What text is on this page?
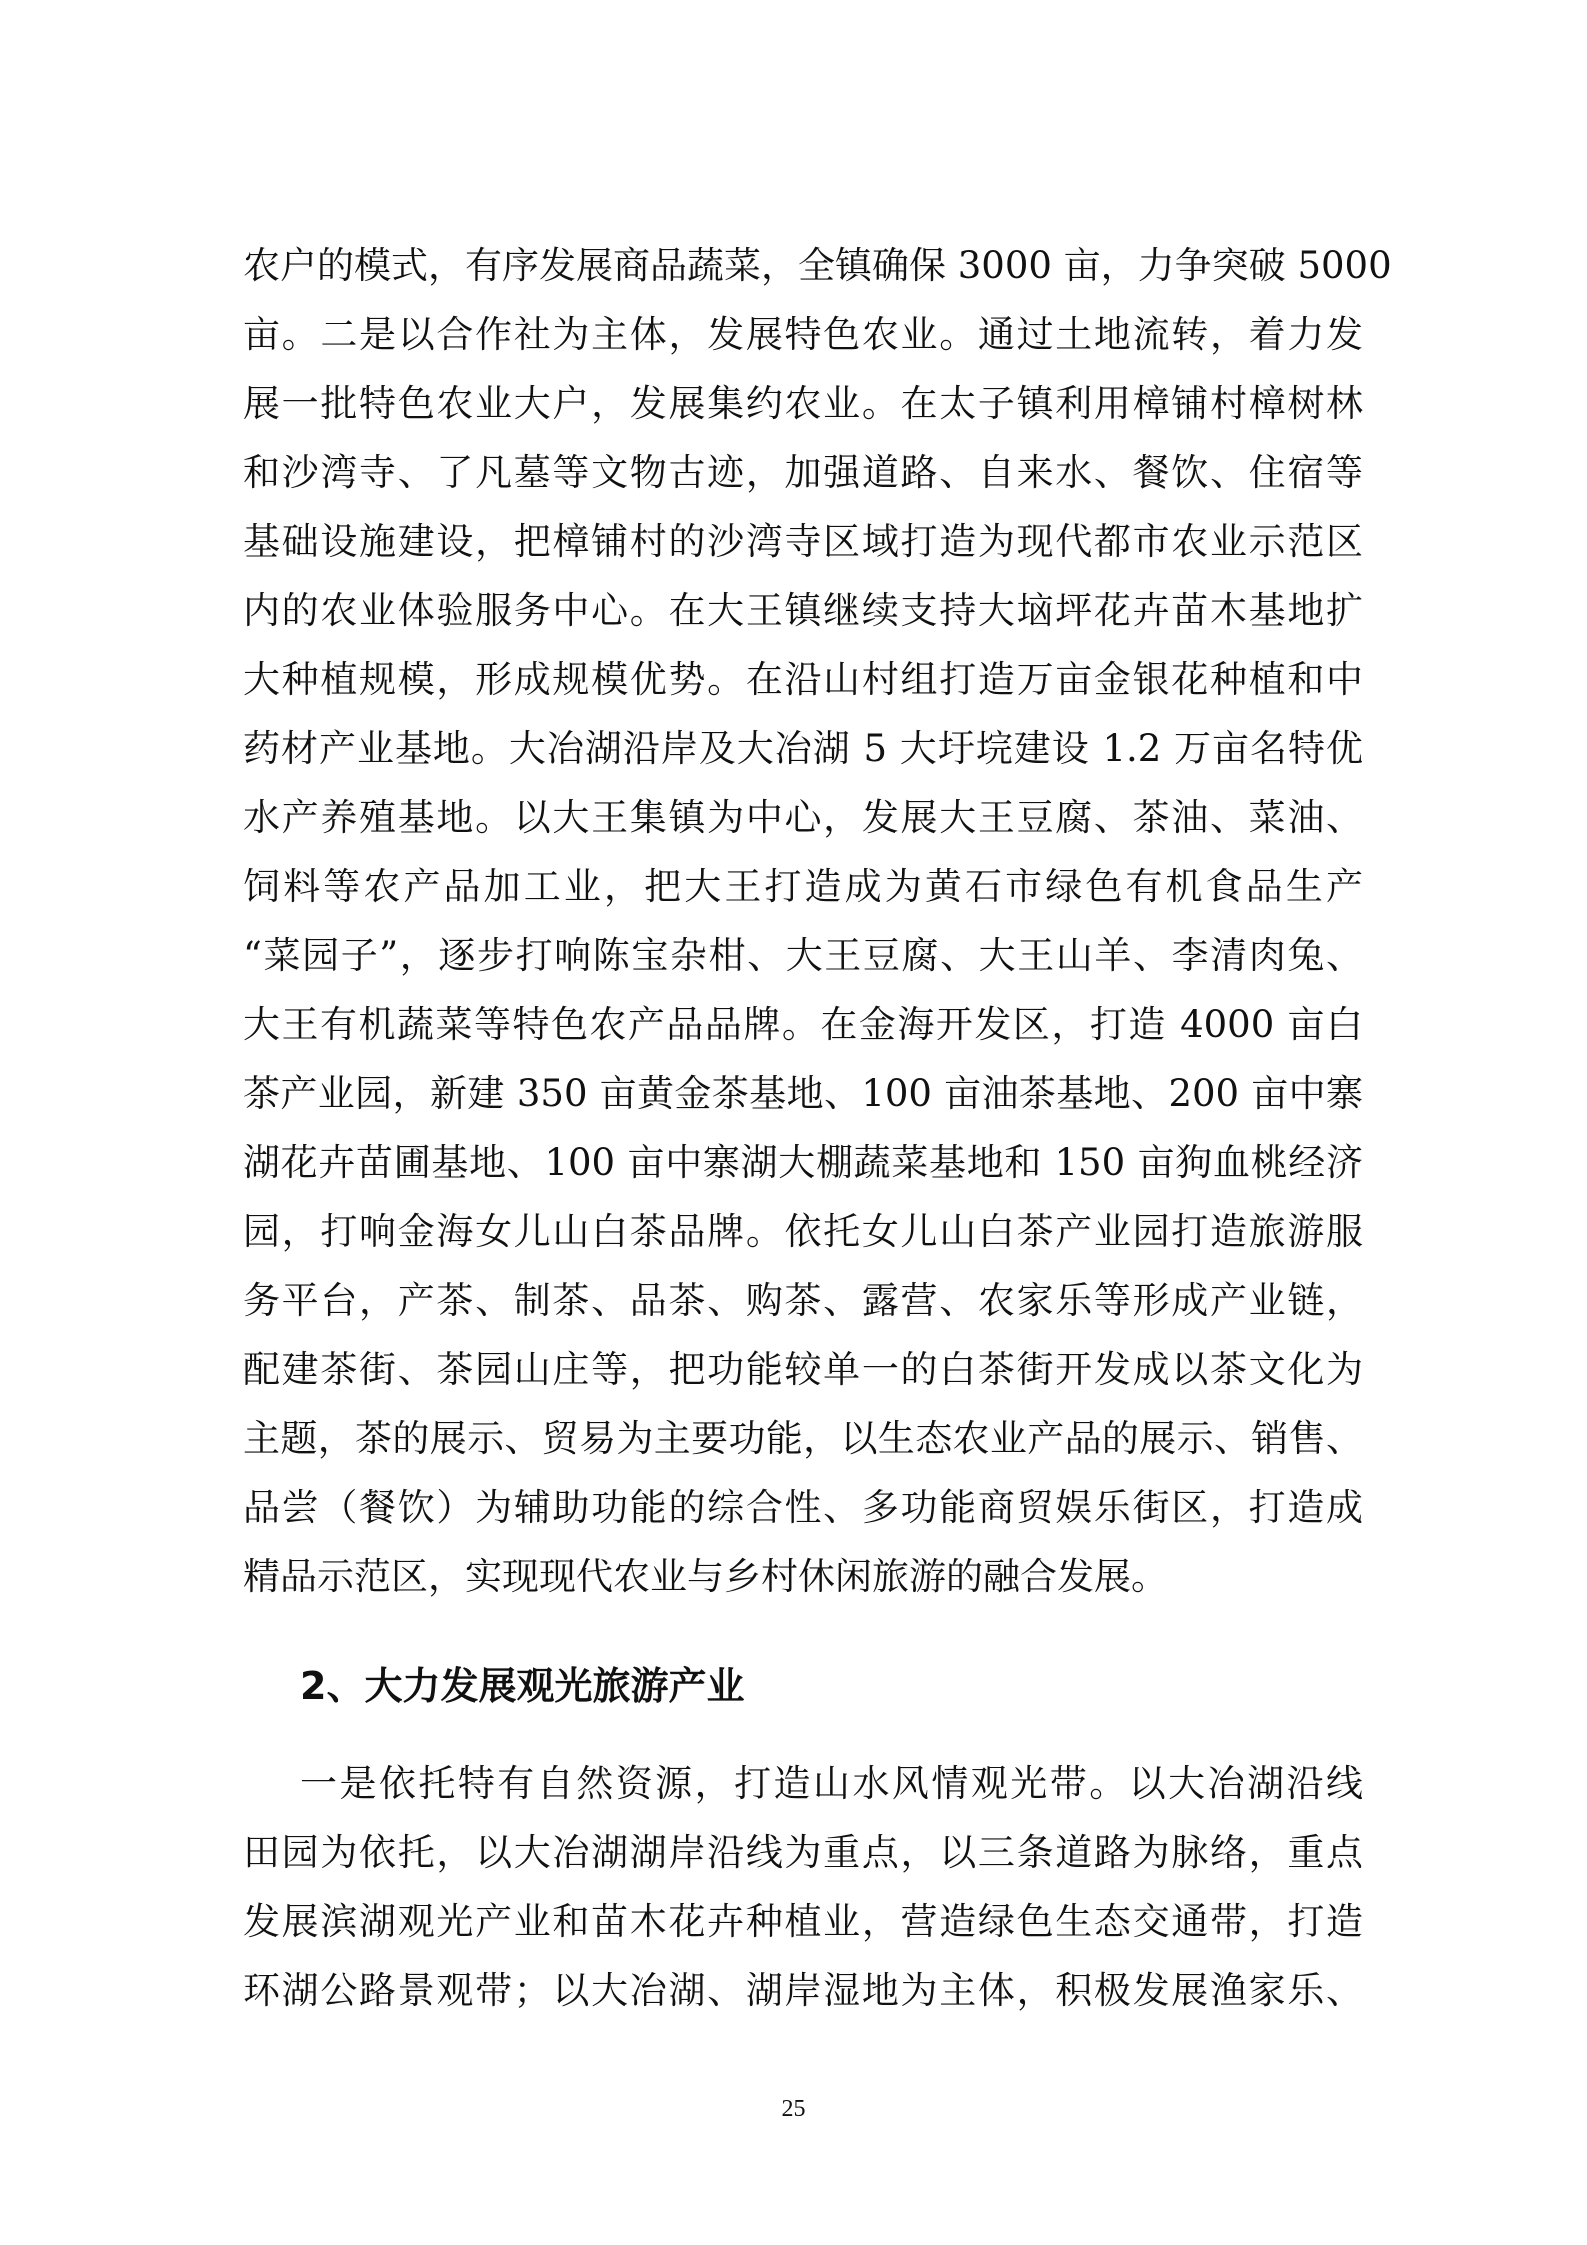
农户的模式，有序发展商品蔬菜，全镇确保 3000 亩，力争突破 5000
亩。二是以合作社为主体，发展特色农业。通过土地流转，着力发
展一批特色农业大户，发展集约农业。在太子镇利用樟铺村樟树林
和沙湾寺、了凡墓等文物古迹，加强道路、自来水、餐饮、住宿等
基础设施建设，把樟铺村的沙湾寺区域打造为现代都市农业示范区
内的农业体验服务中心。在大王镇继续支持大垴坪花卉苗木基地扩
大种植规模，形成规模优势。在沿山村组打造万亩金银花种植和中
药材产业基地。大冶湖沿岸及大冶湖 5 大圩垸建设 1.2 万亩名特优
水产养殖基地。以大王集镇为中心，发展大王豆腐、茶油、菜油、
饲料等农产品加工业，把大王打造成为黄石市绿色有机食品生产
“菜园子”，逐步打响陈宝杂柑、大王豆腐、大王山羊、李清肉兔、
大王有机蔬菜等特色农产品品牌。在金海开发区，打造 4000 亩白
茶产业园，新建 350 亩黄金茶基地、100 亩油茶基地、200 亩中寨
湖花卉苗圃基地、100 亩中寨湖大棚蔬菜基地和 150 亩狗血桃经济
园，打响金海女儿山白茶品牌。依托女儿山白茶产业园打造旅游服
务平台，产茶、制茶、品茶、购茶、露营、农家乐等形成产业链，
配建茶街、茶园山庄等，把功能较单一的白茶街开发成以茶文化为
主题，茶的展示、贸易为主要功能，以生态农业产品的展示、销售、
品尝（餐饮）为辅助功能的综合性、多功能商贸娱乐街区，打造成
精品示范区，实现现代农业与乡村休闲旅游的融合发展。
2、大力发展观光旅游产业
一是依托特有自然资源，打造山水风情观光带。以大冶湖沿线
田园为依托，以大冶湖湖岸沿线为重点，以三条道路为脉络，重点
发展滨湖观光产业和苗木花卉种植业，营造绿色生态交通带，打造
环湖公路景观带；以大冶湖、湖岸湿地为主体，积极发展渔家乐、
25
